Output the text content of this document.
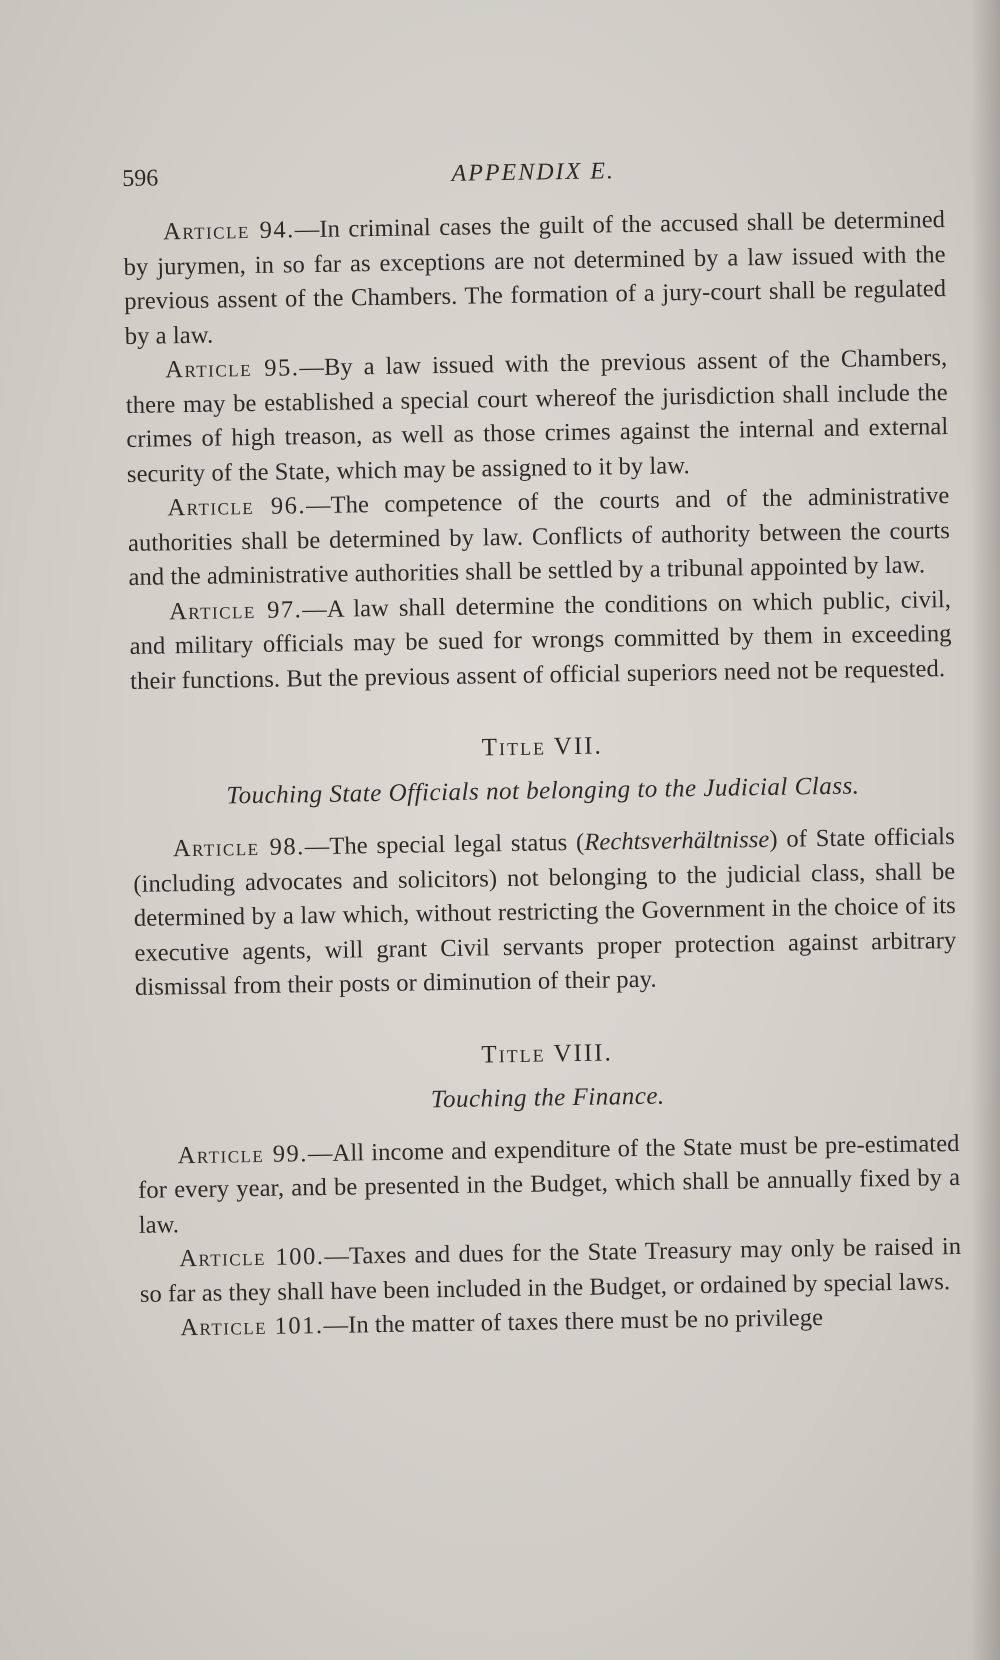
596	APPENDIX E.

Article 94.—In criminal cases the guilt of the accused shall be determined by jurymen, in so far as exceptions are not determined by a law issued with the previous assent of the Chambers. The formation of a jury-court shall be regulated by a law.

Article 95.—By a law issued with the previous assent of the Chambers, there may be established a special court whereof the jurisdiction shall include the crimes of high treason, as well as those crimes against the internal and external security of the State, which may be assigned to it by law.

Article 96.—The competence of the courts and of the administrative authorities shall be determined by law. Conflicts of authority between the courts and the administrative authorities shall be settled by a tribunal appointed by law.

Article 97.—A law shall determine the conditions on which public, civil, and military officials may be sued for wrongs committed by them in exceeding their functions. But the previous assent of official superiors need not be requested.

Title VII.
Touching State Officials not belonging to the Judicial Class.

Article 98.—The special legal status (Rechtsverhältnisse) of State officials (including advocates and solicitors) not belonging to the judicial class, shall be determined by a law which, without restricting the Government in the choice of its executive agents, will grant Civil servants proper protection against arbitrary dismissal from their posts or diminution of their pay.

Title VIII.
Touching the Finance.

Article 99.—All income and expenditure of the State must be pre-estimated for every year, and be presented in the Budget, which shall be annually fixed by a law.

Article 100.—Taxes and dues for the State Treasury may only be raised in so far as they shall have been included in the Budget, or ordained by special laws.

Article 101.—In the matter of taxes there must be no privilege
